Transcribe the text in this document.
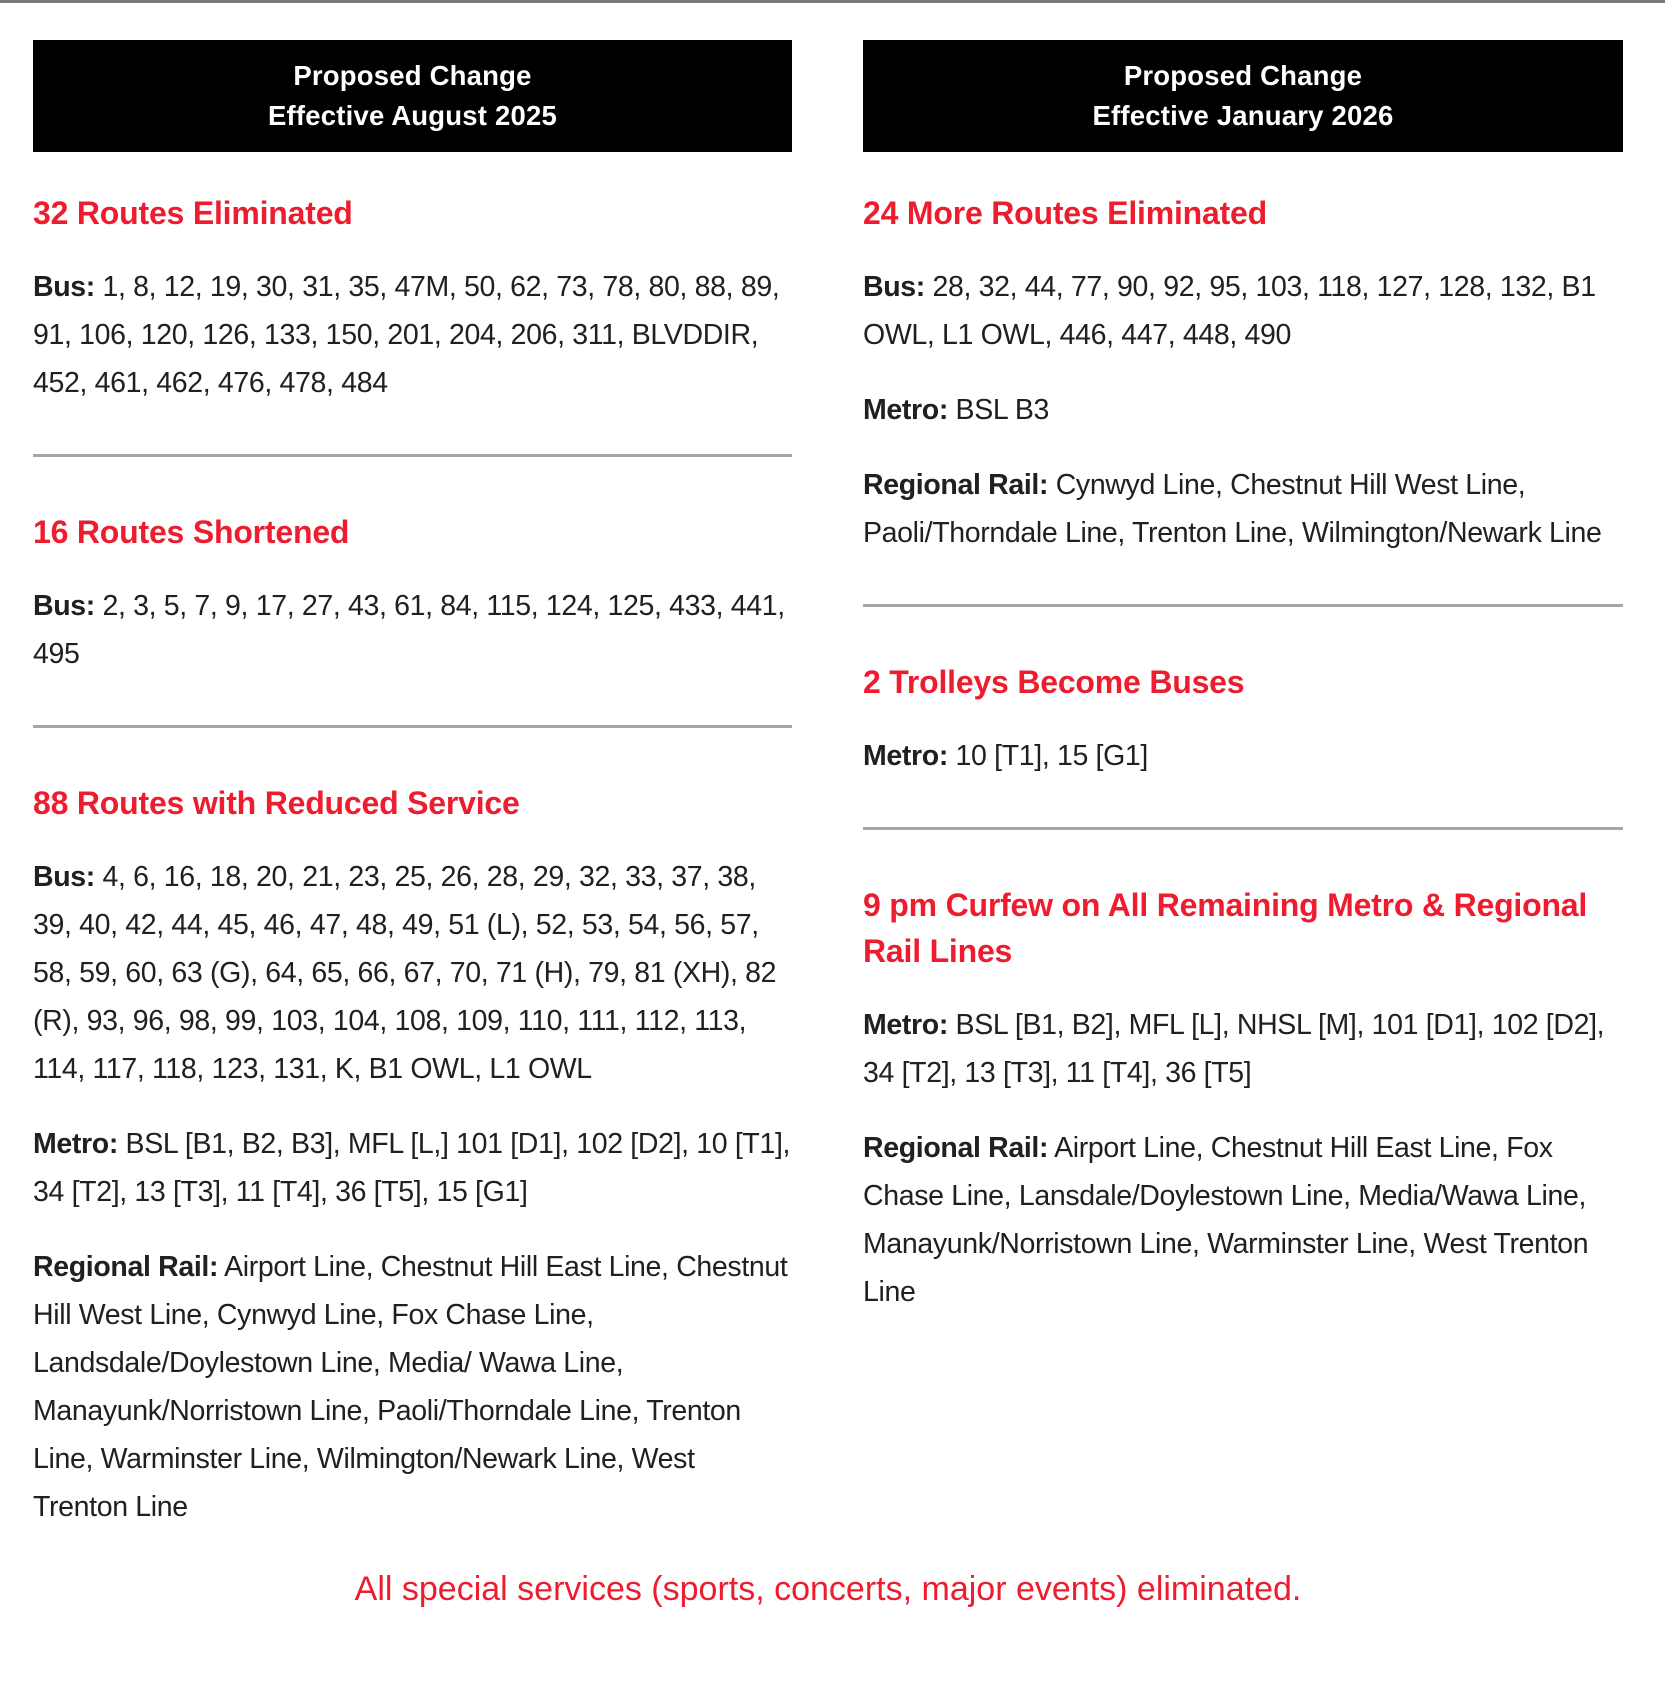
Proposed Change
Effective August 2025
32 Routes Eliminated

Bus: 1, 8, 12, 19, 30, 31, 35, 47M, 50, 62, 73, 78, 80, 88, 89, 91, 106, 120, 126, 133, 150, 201, 204, 206, 311, BLVDDIR, 452, 461, 462, 476, 478, 484

16 Routes Shortened

Bus: 2, 3, 5, 7, 9, 17, 27, 43, 61, 84, 115, 124, 125, 433, 441, 495

88 Routes with Reduced Service

Bus: 4, 6, 16, 18, 20, 21, 23, 25, 26, 28, 29, 32, 33, 37, 38, 39, 40, 42, 44, 45, 46, 47, 48, 49, 51 (L), 52, 53, 54, 56, 57, 58, 59, 60, 63 (G), 64, 65, 66, 67, 70, 71 (H), 79, 81 (XH), 82 (R), 93, 96, 98, 99, 103, 104, 108, 109, 110, 111, 112, 113, 114, 117, 118, 123, 131, K, B1 OWL, L1 OWL

Metro: BSL [B1, B2, B3], MFL [L,] 101 [D1], 102 [D2], 10 [T1], 34 [T2], 13 [T3], 11 [T4], 36 [T5], 15 [G1]

Regional Rail: Airport Line, Chestnut Hill East Line, Chestnut Hill West Line, Cynwyd Line, Fox Chase Line, Landsdale/Doylestown Line, Media/ Wawa Line, Manayunk/Norristown Line, Paoli/Thorndale Line, Trenton Line, Warminster Line, Wilmington/Newark Line, West Trenton Line

Proposed Change
Effective January 2026
24 More Routes Eliminated

Bus: 28, 32, 44, 77, 90, 92, 95, 103, 118, 127, 128, 132, B1 OWL, L1 OWL, 446, 447, 448, 490

Metro: BSL B3

Regional Rail: Cynwyd Line, Chestnut Hill West Line, Paoli/Thorndale Line, Trenton Line, Wilmington/Newark Line

2 Trolleys Become Buses

Metro: 10 [T1], 15 [G1]

9 pm Curfew on All Remaining Metro & Regional Rail Lines

Metro: BSL [B1, B2], MFL [L], NHSL [M], 101 [D1], 102 [D2], 34 [T2], 13 [T3], 11 [T4], 36 [T5]

Regional Rail: Airport Line, Chestnut Hill East Line, Fox Chase Line, Lansdale/Doylestown Line, Media/Wawa Line, Manayunk/Norristown Line, Warminster Line, West Trenton Line

All special services (sports, concerts, major events) eliminated.
